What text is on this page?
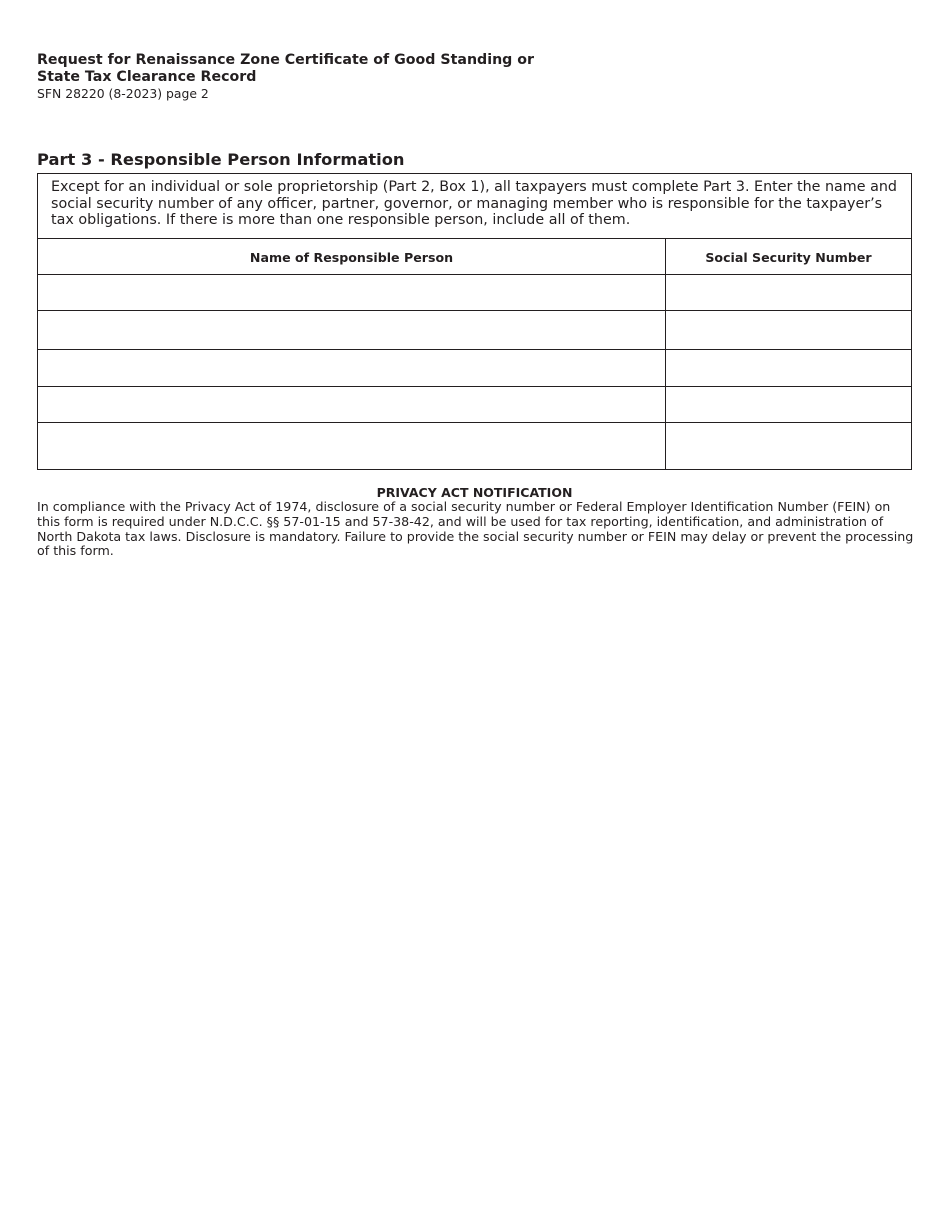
Request for Renaissance Zone Certificate of Good Standing or

State Tax Clearance Record

SFN 28220 (8-2023) page 2

Part 3 - Responsible Person Information

Except for an individual or sole proprietorship (Part 2, Box 1), all taxpayers must complete Part 3. Enter the name and social security number of any officer, partner, governor, or managing member who is responsible for the taxpayer’s tax obligations. If there is more than one responsible person, include all of them.

Name of Responsible Person	Social Security Number

PRIVACY ACT NOTIFICATION

In compliance with the Privacy Act of 1974, disclosure of a social security number or Federal Employer Identification Number (FEIN) on this form is required under N.D.C.C. §§ 57-01-15 and 57-38-42, and will be used for tax reporting, identification, and administration of North Dakota tax laws. Disclosure is mandatory. Failure to provide the social security number or FEIN may delay or prevent the processing of this form.
